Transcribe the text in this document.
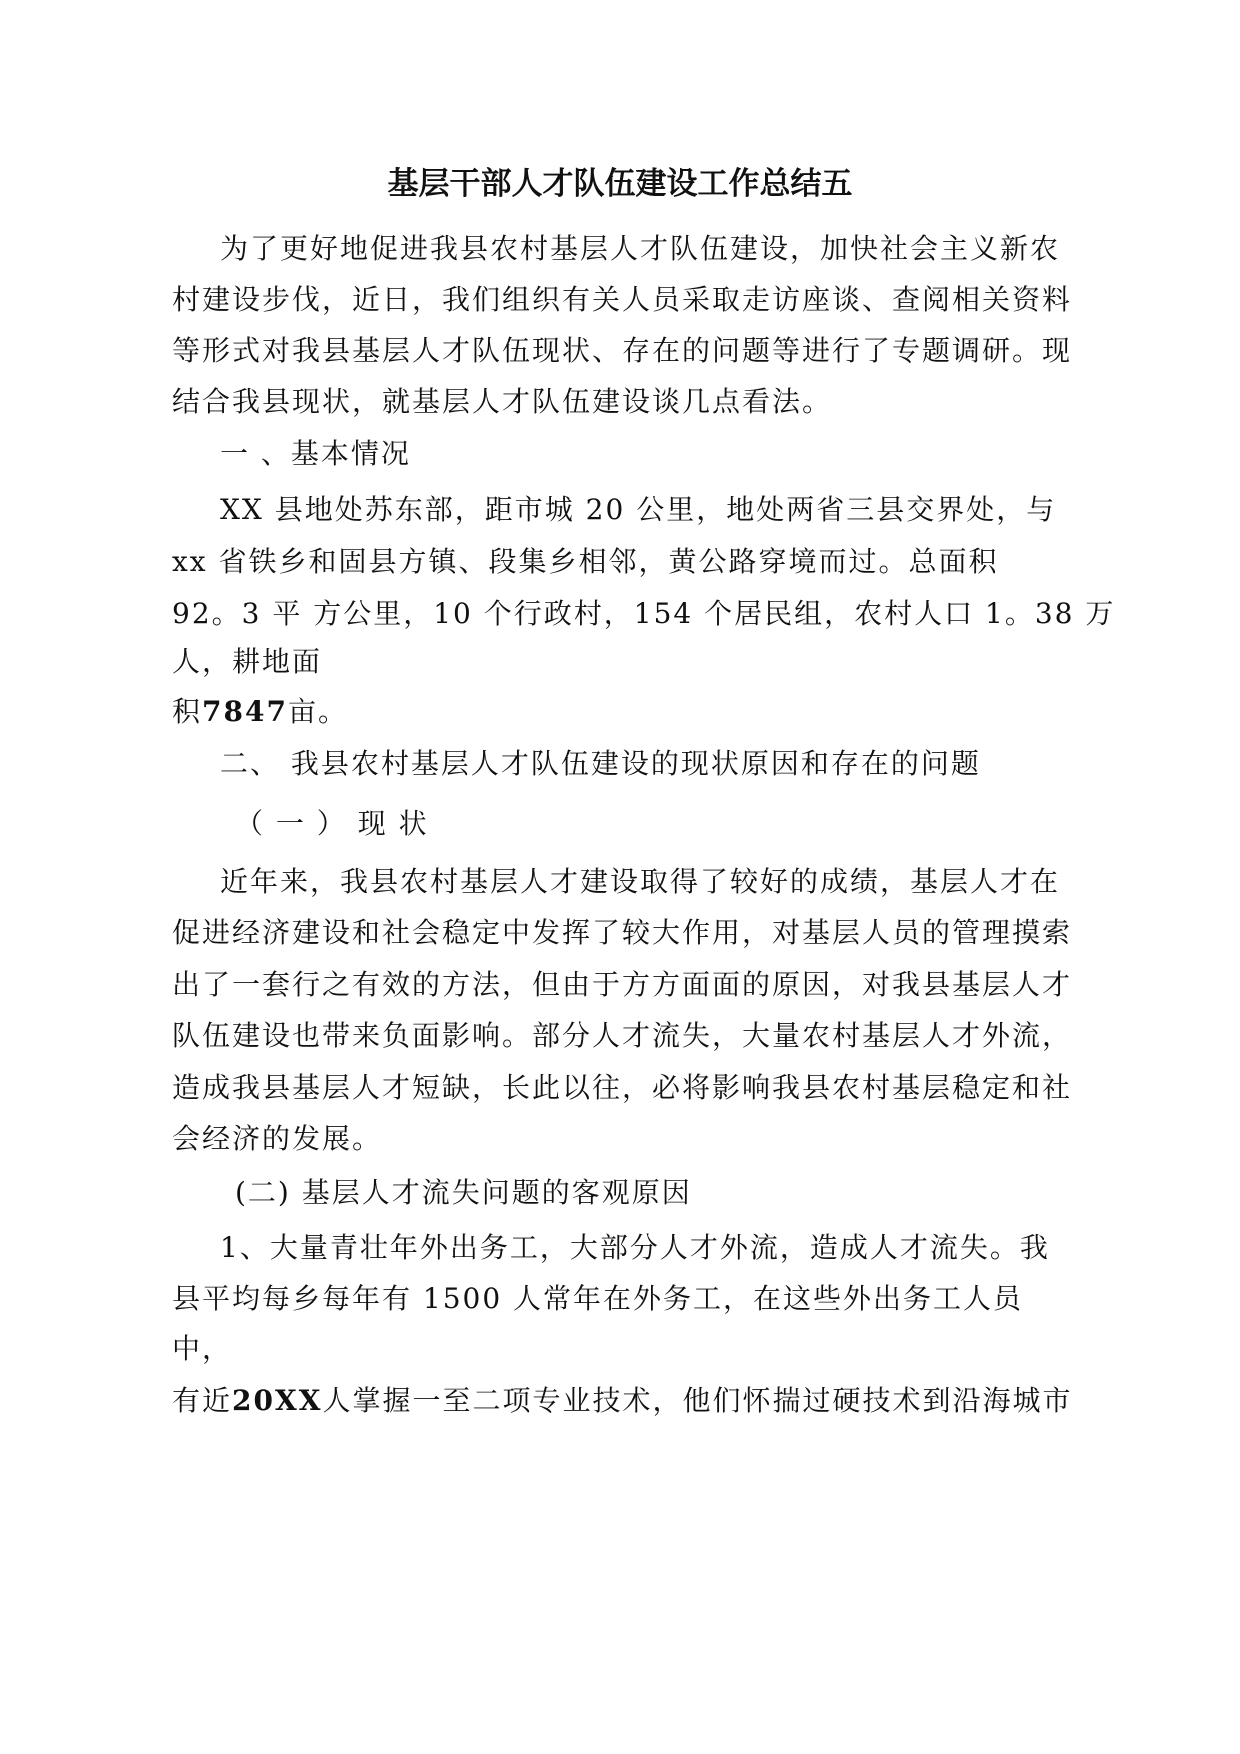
基层干部人才队伍建设工作总结五
为了更好地促进我县农村基层人才队伍建设，加快社会主义新农
村建设步伐，近日，我们组织有关人员采取走访座谈、查阅相关资料
等形式对我县基层人才队伍现状、存在的问题等进行了专题调研。现
结合我县现状，就基层人才队伍建设谈几点看法。
一 、基本情况
XX 县地处苏东部，距市城 20 公里，地处两省三县交界处，与
xx 省铁乡和固县方镇、段集乡相邻，黄公路穿境而过。总面积
92。3 平 方公里，10 个行政村，154 个居民组，农村人口 1。38 万
人，耕地面
积7847亩。
二、 我县农村基层人才队伍建设的现状原因和存在的问题
（ 一 ） 现 状
近年来，我县农村基层人才建设取得了较好的成绩，基层人才在
促进经济建设和社会稳定中发挥了较大作用，对基层人员的管理摸索
出了一套行之有效的方法，但由于方方面面的原因，对我县基层人才
队伍建设也带来负面影响。部分人才流失，大量农村基层人才外流，
造成我县基层人才短缺，长此以往，必将影响我县农村基层稳定和社
会经济的发展。
(二) 基层人才流失问题的客观原因
1、大量青壮年外出务工，大部分人才外流，造成人才流失。我
县平均每乡每年有 1500 人常年在外务工，在这些外出务工人员
中，
有近20XX人掌握一至二项专业技术，他们怀揣过硬技术到沿海城市
